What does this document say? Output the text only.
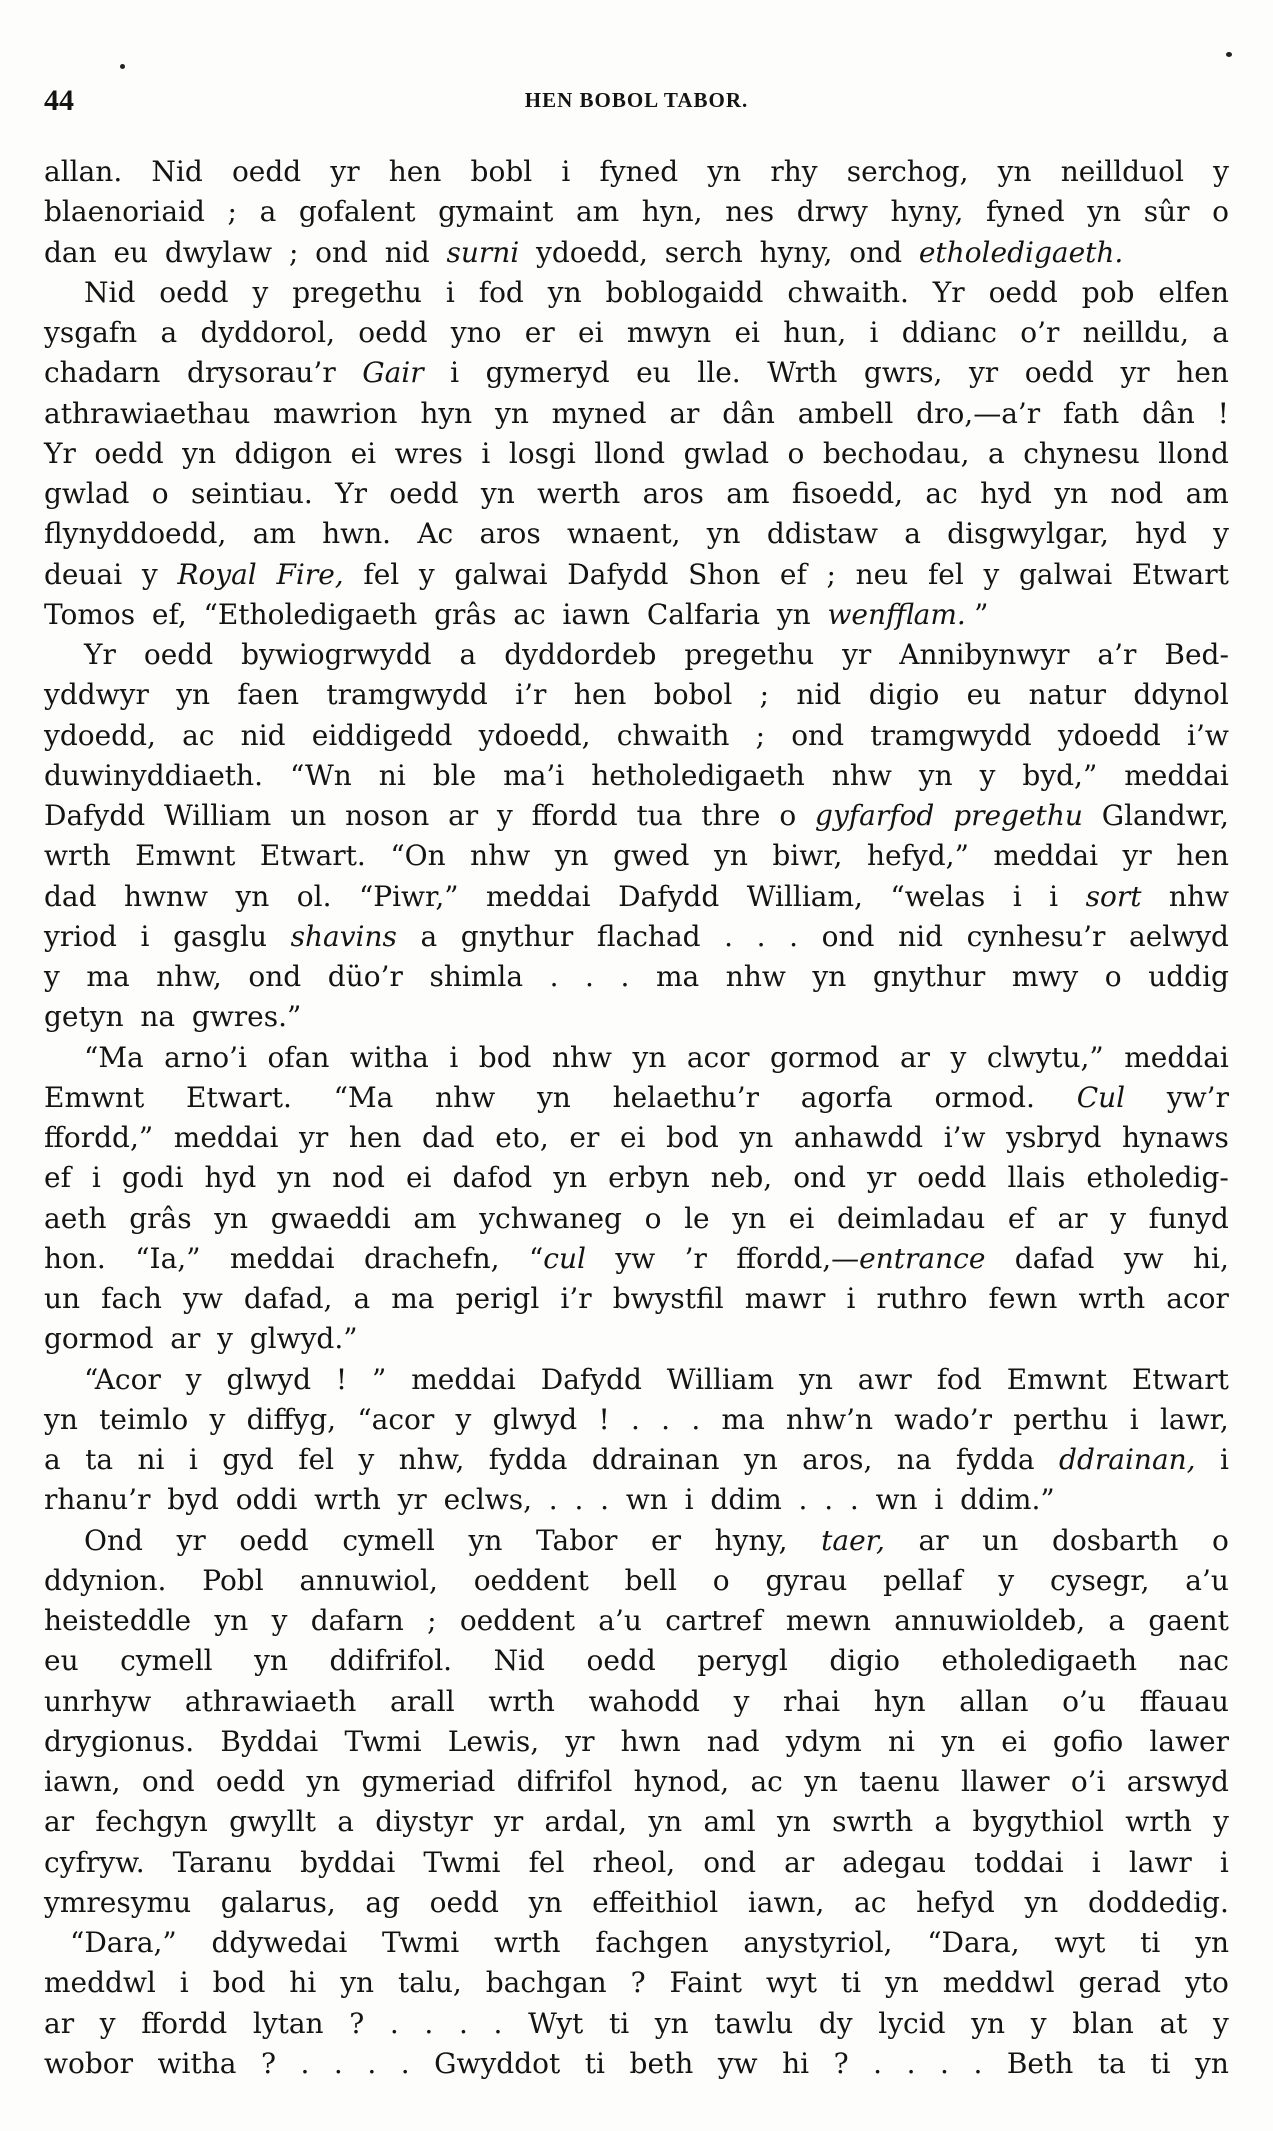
44	HEN BOBOL TABOR.
allan. Nid oedd yr hen bobl i fyned yn rhy serchog, yn neillduol y
blaenoriaid ; a gofalent gymaint am hyn, nes drwy hyny, fyned yn sûr o
dan eu dwylaw ; ond nid surni ydoedd, serch hyny, ond etholedigaeth.
Nid oedd y pregethu i fod yn boblogaidd chwaith. Yr oedd pob elfen
ysgafn a dyddorol, oedd yno er ei mwyn ei hun, i ddianc o’r neilldu, a
chadarn drysorau’r Gair i gymeryd eu lle. Wrth gwrs, yr oedd yr hen
athrawiaethau mawrion hyn yn myned ar dân ambell dro,—a’r fath dân !
Yr oedd yn ddigon ei wres i losgi llond gwlad o bechodau, a chynesu llond
gwlad o seintiau. Yr oedd yn werth aros am fisoedd, ac hyd yn nod am
flynyddoedd, am hwn. Ac aros wnaent, yn ddistaw a disgwylgar, hyd y
deuai y Royal Fire, fel y galwai Dafydd Shon ef ; neu fel y galwai Etwart
Tomos ef, “Etholedigaeth grâs ac iawn Calfaria yn wenfflam. ”
Yr oedd bywiogrwydd a dyddordeb pregethu yr Annibynwyr a’r Bed-
yddwyr yn faen tramgwydd i’r hen bobol ; nid digio eu natur ddynol
ydoedd, ac nid eiddigedd ydoedd, chwaith ; ond tramgwydd ydoedd i’w
duwinyddiaeth. “Wn ni ble ma’i hetholedigaeth nhw yn y byd,” meddai
Dafydd William un noson ar y ffordd tua thre o gyfarfod pregethu Glandwr,
wrth Emwnt Etwart. “On nhw yn gwed yn biwr, hefyd,” meddai yr hen
dad hwnw yn ol. “Piwr,” meddai Dafydd William, “welas i i sort nhw
yriod i gasglu shavins a gnythur flachad . . . ond nid cynhesu’r aelwyd
y ma nhw, ond düo’r shimla . . . ma nhw yn gnythur mwy o uddig
getyn na gwres.”
“Ma arno’i ofan witha i bod nhw yn acor gormod ar y clwytu,” meddai
Emwnt Etwart. “Ma nhw yn helaethu’r agorfa ormod. Cul yw’r
ffordd,” meddai yr hen dad eto, er ei bod yn anhawdd i’w ysbryd hynaws
ef i godi hyd yn nod ei dafod yn erbyn neb, ond yr oedd llais etholedig-
aeth grâs yn gwaeddi am ychwaneg o le yn ei deimladau ef ar y funyd
hon. “Ia,” meddai drachefn, “cul yw ’r ffordd,—entrance dafad yw hi,
un fach yw dafad, a ma perigl i’r bwystfil mawr i ruthro fewn wrth acor
gormod ar y glwyd.”
“Acor y glwyd ! ” meddai Dafydd William yn awr fod Emwnt Etwart
yn teimlo y diffyg, “acor y glwyd ! . . . ma nhw’n wado’r perthu i lawr,
a ta ni i gyd fel y nhw, fydda ddrainan yn aros, na fydda ddrainan, i
rhanu’r byd oddi wrth yr eclws, . . . wn i ddim . . . wn i ddim.”
Ond yr oedd cymell yn Tabor er hyny, taer, ar un dosbarth o
ddynion. Pobl annuwiol, oeddent bell o gyrau pellaf y cysegr, a’u
heisteddle yn y dafarn ; oeddent a’u cartref mewn annuwioldeb, a gaent
eu cymell yn ddifrifol. Nid oedd perygl digio etholedigaeth nac
unrhyw athrawiaeth arall wrth wahodd y rhai hyn allan o’u ffauau
drygionus. Byddai Twmi Lewis, yr hwn nad ydym ni yn ei gofio lawer
iawn, ond oedd yn gymeriad difrifol hynod, ac yn taenu llawer o’i arswyd
ar fechgyn gwyllt a diystyr yr ardal, yn aml yn swrth a bygythiol wrth y
cyfryw. Taranu byddai Twmi fel rheol, ond ar adegau toddai i lawr i
ymresymu galarus, ag oedd yn effeithiol iawn, ac hefyd yn doddedig.
“Dara,” ddywedai Twmi wrth fachgen anystyriol, “Dara, wyt ti yn
meddwl i bod hi yn talu, bachgan ? Faint wyt ti yn meddwl gerad yto
ar y ffordd lytan ? . . . . Wyt ti yn tawlu dy lycid yn y blan at y
wobor witha ? . . . . Gwyddot ti beth yw hi ? . . . . Beth ta ti yn
